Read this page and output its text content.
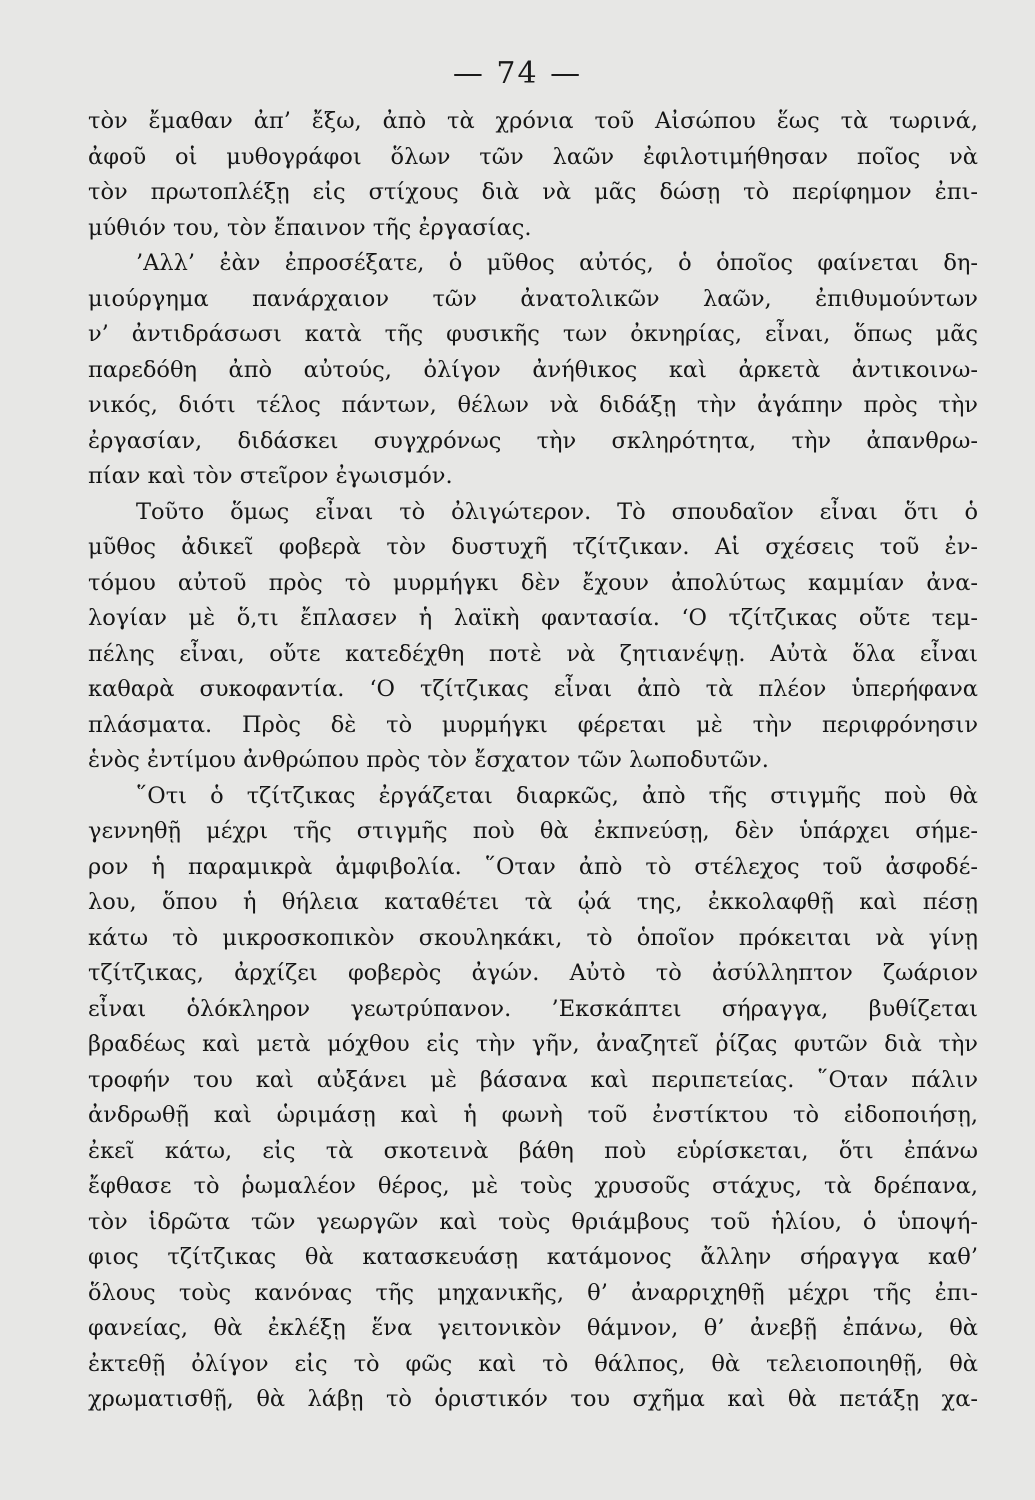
— 74 —
τὸν ἔμαθαν ἀπ’ ἔξω, ἀπὸ τὰ χρόνια τοῦ Αἰσώπου ἕως τὰ τωρινά,
ἀφοῦ οἱ μυθογράφοι ὅλων τῶν λαῶν ἐφιλοτιμήθησαν ποῖος νὰ
τὸν πρωτοπλέξῃ εἰς στίχους διὰ νὰ μᾶς δώσῃ τὸ περίφημον ἐπι-
μύθιόν του, τὸν ἔπαινον τῆς ἐργασίας.
’Αλλ’ ἐὰν ἐπροσέξατε, ὁ μῦθος αὐτός, ὁ ὁποῖος φαίνεται δη-
μιούργημα πανάρχαιον τῶν ἀνατολικῶν λαῶν, ἐπιθυμούντων
ν’ ἀντιδράσωσι κατὰ τῆς φυσικῆς των ὀκνηρίας, εἶναι, ὅπως μᾶς
παρεδόθη ἀπὸ αὐτούς, ὀλίγον ἀνήθικος καὶ ἀρκετὰ ἀντικοινω-
νικός, διότι τέλος πάντων, θέλων νὰ διδάξῃ τὴν ἀγάπην πρὸς τὴν
ἐργασίαν, διδάσκει συγχρόνως τὴν σκληρότητα, τὴν ἀπανθρω-
πίαν καὶ τὸν στεῖρον ἐγωισμόν.
Τοῦτο ὅμως εἶναι τὸ ὀλιγώτερον. Τὸ σπουδαῖον εἶναι ὅτι ὁ
μῦθος ἀδικεῖ φοβερὰ τὸν δυστυχῆ τζίτζικαν. Αἱ σχέσεις τοῦ ἐν-
τόμου αὐτοῦ πρὸς τὸ μυρμήγκι δὲν ἔχουν ἀπολύτως καμμίαν ἀνα-
λογίαν μὲ ὅ,τι ἔπλασεν ἡ λαϊκὴ φαντασία. ‘Ο τζίτζικας οὔτε τεμ-
πέλης εἶναι, οὔτε κατεδέχθη ποτὲ νὰ ζητιανέψῃ. Αὐτὰ ὅλα εἶναι
καθαρὰ συκοφαντία. ‘Ο τζίτζικας εἶναι ἀπὸ τὰ πλέον ὑπερήφανα
πλάσματα. Πρὸς δὲ τὸ μυρμήγκι φέρεται μὲ τὴν περιφρόνησιν
ἑνὸς ἐντίμου ἀνθρώπου πρὸς τὸν ἔσχατον τῶν λωποδυτῶν.
῞Οτι ὁ τζίτζικας ἐργάζεται διαρκῶς, ἀπὸ τῆς στιγμῆς ποὺ θὰ
γεννηθῇ μέχρι τῆς στιγμῆς ποὺ θὰ ἐκπνεύσῃ, δὲν ὑπάρχει σήμε-
ρον ἡ παραμικρὰ ἀμφιβολία. ῞Οταν ἀπὸ τὸ στέλεχος τοῦ ἀσφοδέ-
λου, ὅπου ἡ θήλεια καταθέτει τὰ ᾠά της, ἐκκολαφθῇ καὶ πέσῃ
κάτω τὸ μικροσκοπικὸν σκουληκάκι, τὸ ὁποῖον πρόκειται νὰ γίνῃ
τζίτζικας, ἀρχίζει φοβερὸς ἀγών. Αὐτὸ τὸ ἀσύλληπτον ζωάριον
εἶναι ὁλόκληρον γεωτρύπανον. ’Εκσκάπτει σήραγγα, βυθίζεται
βραδέως καὶ μετὰ μόχθου εἰς τὴν γῆν, ἀναζητεῖ ῥίζας φυτῶν διὰ τὴν
τροφήν του καὶ αὐξάνει μὲ βάσανα καὶ περιπετείας. ῞Οταν πάλιν
ἀνδρωθῇ καὶ ὡριμάσῃ καὶ ἡ φωνὴ τοῦ ἐνστίκτου τὸ εἰδοποιήσῃ,
ἐκεῖ κάτω, εἰς τὰ σκοτεινὰ βάθη ποὺ εὑρίσκεται, ὅτι ἐπάνω
ἔφθασε τὸ ῥωμαλέον θέρος, μὲ τοὺς χρυσοῦς στάχυς, τὰ δρέπανα,
τὸν ἱδρῶτα τῶν γεωργῶν καὶ τοὺς θριάμβους τοῦ ἡλίου, ὁ ὑποψή-
φιος τζίτζικας θὰ κατασκευάσῃ κατάμονος ἄλλην σήραγγα καθ’
ὅλους τοὺς κανόνας τῆς μηχανικῆς, θ’ ἀναρριχηθῇ μέχρι τῆς ἐπι-
φανείας, θὰ ἐκλέξῃ ἕνα γειτονικὸν θάμνον, θ’ ἀνεβῇ ἐπάνω, θὰ
ἐκτεθῇ ὀλίγον εἰς τὸ φῶς καὶ τὸ θάλπος, θὰ τελειοποιηθῇ, θὰ
χρωματισθῇ, θὰ λάβῃ τὸ ὁριστικόν του σχῆμα καὶ θὰ πετάξῃ χα-
